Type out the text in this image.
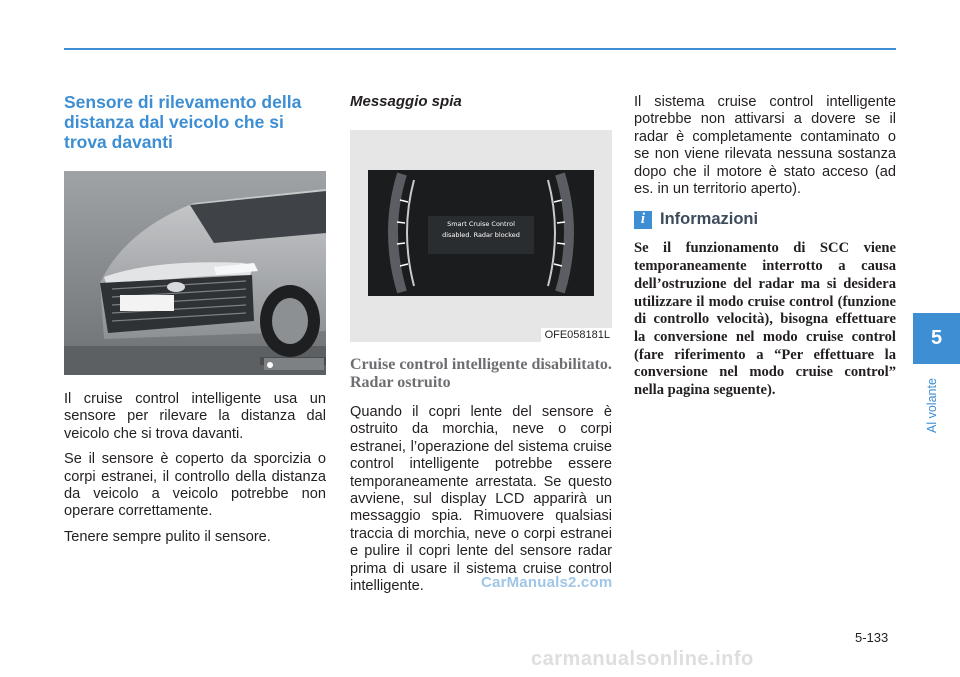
Sensore di rilevamento della distanza dal veicolo che si trova davanti

Il cruise control intelligente usa un sensore per rilevare la distanza dal veicolo che si trova davanti.

Se il sensore è coperto da sporcizia o corpi estranei, il controllo della distanza da veicolo a veicolo potrebbe non operare correttamente.

Tenere sempre pulito il sensore.

Messaggio spia
Smart Cruise Control
disabled. Radar blocked
OFE058181L
Cruise control intelligente disabilitato. Radar ostruito

Quando il copri lente del sensore è ostruito da morchia, neve o corpi estranei, l’operazione del sistema cruise control intelligente potrebbe essere temporaneamente arrestata. Se questo avviene, sul display LCD apparirà un messaggio spia. Rimuovere qualsiasi traccia di morchia, neve o corpi estranei e pulire il copri lente del sensore radar prima di usare il sistema cruise control intelligente.

Il sistema cruise control intelligente potrebbe non attivarsi a dovere se il radar è completamente contaminato o se non viene rilevata nessuna sostanza dopo che il motore è stato acceso (ad es. in un territorio aperto).

i Informazioni

Se il funzionamento di SCC viene temporaneamente interrotto a causa dell’ostruzione del radar ma si desidera utilizzare il modo cruise control (funzione di controllo velocità), bisogna effettuare la conversione nel modo cruise control (fare riferimento a “Per effettuare la conversione nel modo cruise control” nella pagina seguente).

5
Al volante
5-133
CarManuals2.com
carmanualsonline.info
